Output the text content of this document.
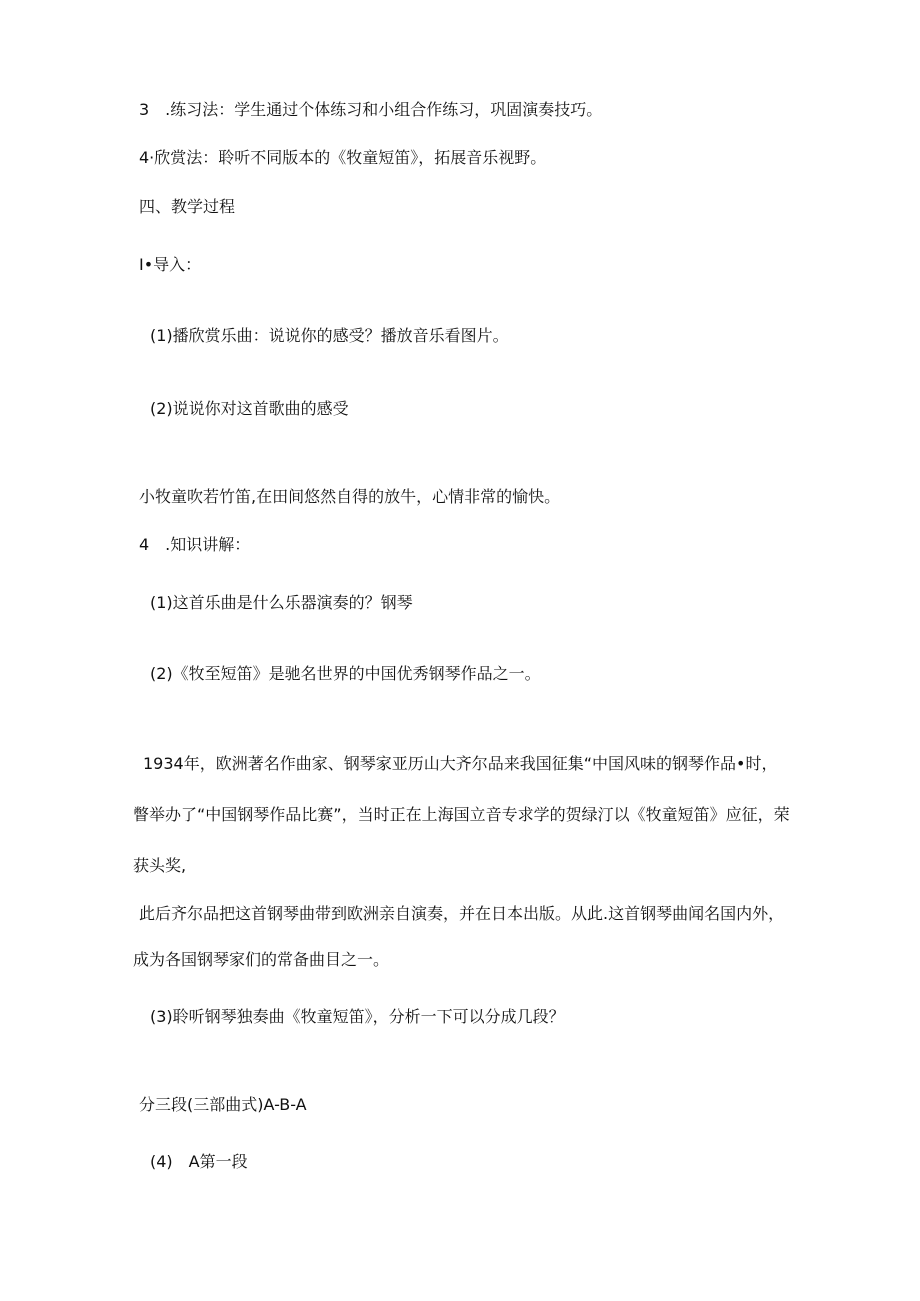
3　.练习法：学生通过个体练习和小组合作练习，巩固演奏技巧。
4·欣赏法：聆听不同版本的《牧童短笛》，拓展音乐视野。
四、教学过程
I•导入：
(1)播欣赏乐曲：说说你的感受？播放音乐看图片。
(2)说说你对这首歌曲的感受
小牧童吹若竹笛,在田间悠然自得的放牛，心情非常的愉快。
4　.知识讲解：
(1)这首乐曲是什么乐器演奏的？钢琴
(2)《牧至短笛》是驰名世界的中国优秀钢琴作品之一。
1934年，欧洲著名作曲家、钢琴家亚历山大齐尔品来我国征集“中国风味的钢琴作品•时，
瞥举办了“中国钢琴作品比赛”，当时正在上海国立音专求学的贺绿汀以《牧童短笛》应征，荣
获头奖,
此后齐尔品把这首钢琴曲带到欧洲亲自演奏，并在日本出版。从此.这首钢琴曲闻名国内外，
成为各国钢琴家们的常备曲目之一。
(3)聆听钢琴独奏曲《牧童短笛》，分析一下可以分成几段？
分三段(三部曲式)A-B-A
(4)　A第一段
